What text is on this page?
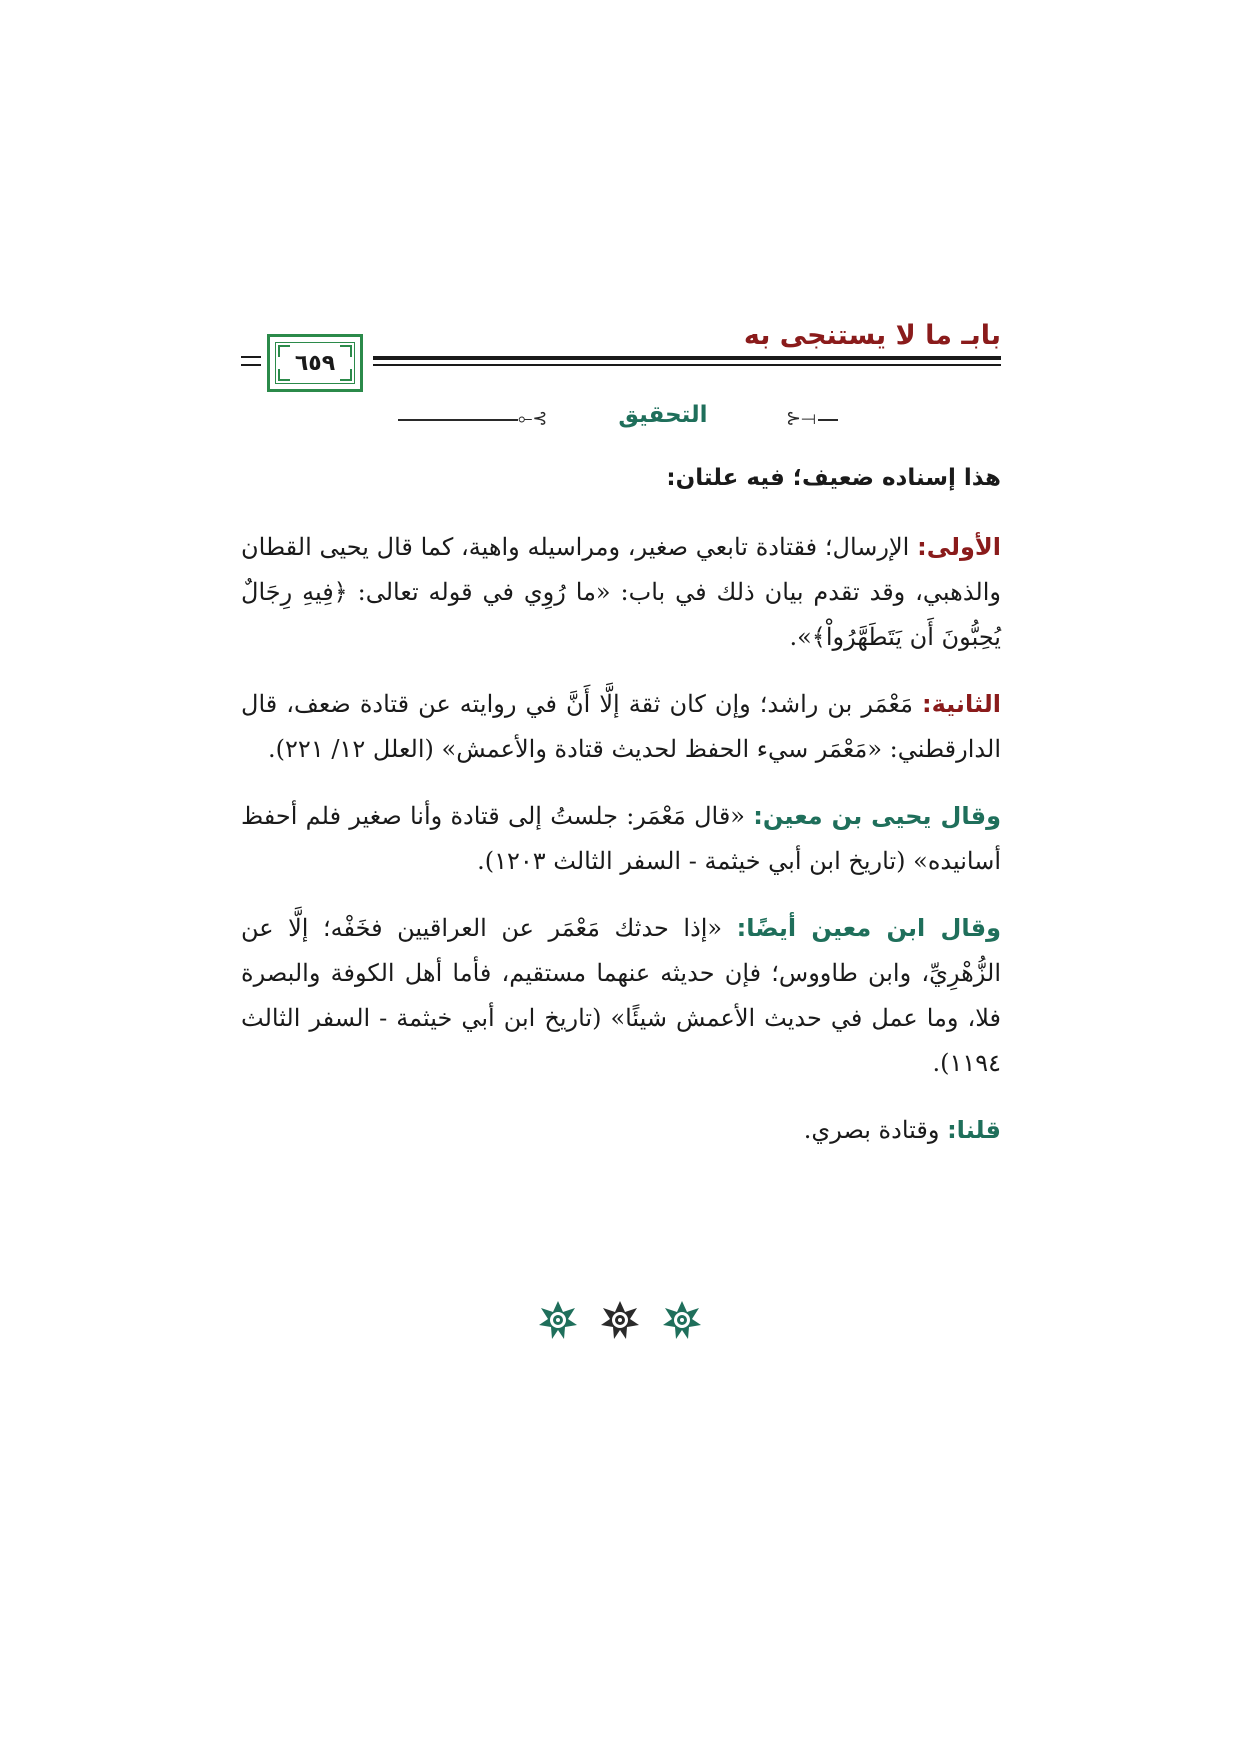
بابـ ما لا يستنجى به
٦٥٩
⟜⊰	التحقيق	⊱⟞

هذا إسناده ضعيف؛ فيه علتان:

الأولى: الإرسال؛ فقتادة تابعي صغير، ومراسيله واهية، كما قال يحيى القطان والذهبي، وقد تقدم بيان ذلك في باب: «ما رُوِي في قوله تعالى: ﴿فِيهِ رِجَالٌ يُحِبُّونَ أَن يَتَطَهَّرُواْ﴾».

الثانية: مَعْمَر بن راشد؛ وإن كان ثقة إلَّا أَنَّ في روايته عن قتادة ضعف، قال الدارقطني: «مَعْمَر سيء الحفظ لحديث قتادة والأعمش» (العلل ١٢/ ٢٢١).

وقال يحيى بن معين: «قال مَعْمَر: جلستُ إلى قتادة وأنا صغير فلم أحفظ أسانيده» (تاريخ ابن أبي خيثمة - السفر الثالث ١٢٠٣).

وقال ابن معين أيضًا: «إذا حدثك مَعْمَر عن العراقيين فخَفْه؛ إلَّا عن الزُّهْرِيِّ، وابن طاووس؛ فإن حديثه عنهما مستقيم، فأما أهل الكوفة والبصرة فلا، وما عمل في حديث الأعمش شيئًا» (تاريخ ابن أبي خيثمة - السفر الثالث ١١٩٤).

قلنا: وقتادة بصري.
